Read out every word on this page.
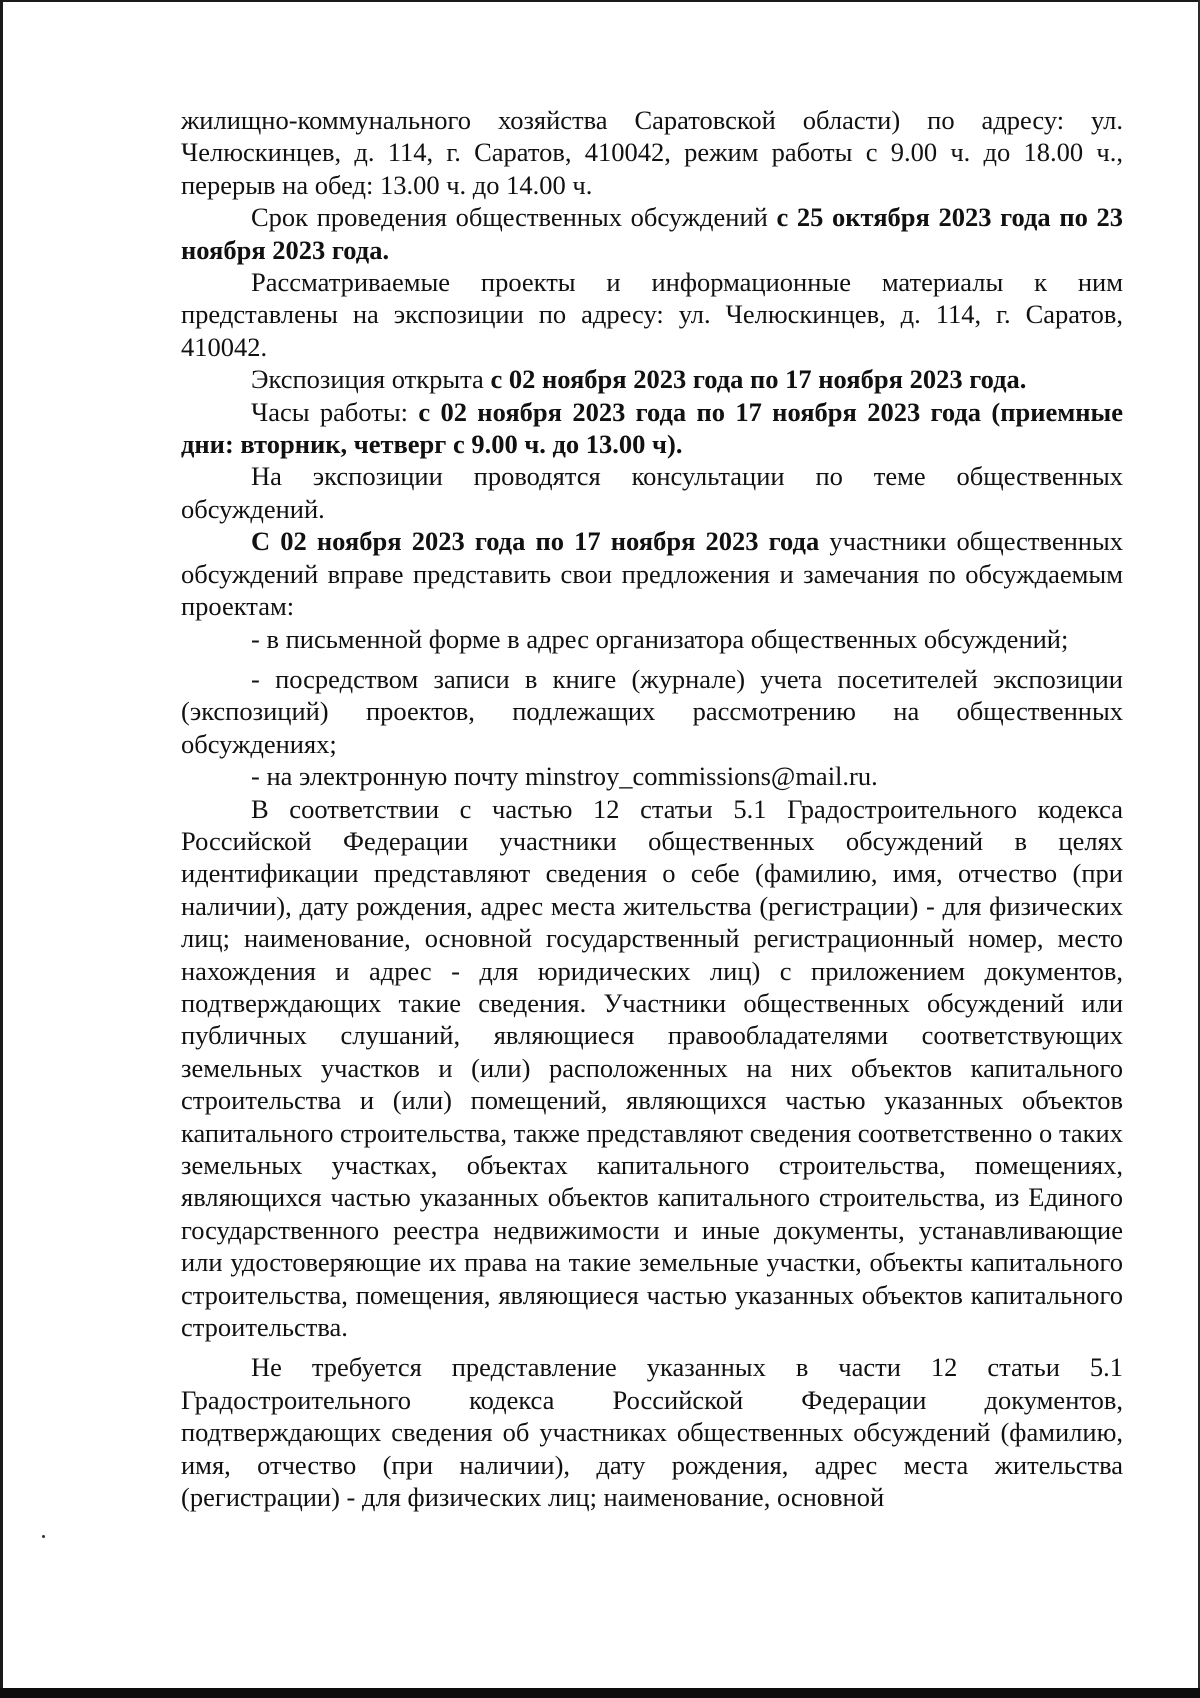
жилищно-коммунального хозяйства Саратовской области) по адресу: ул. Челюскинцев, д. 114, г. Саратов, 410042, режим работы с 9.00 ч. до 18.00 ч., перерыв на обед: 13.00 ч. до 14.00 ч.

Срок проведения общественных обсуждений с 25 октября 2023 года по 23 ноября 2023 года.

Рассматриваемые проекты и информационные материалы к ним представлены на экспозиции по адресу: ул. Челюскинцев, д. 114, г. Саратов, 410042.

Экспозиция открыта с 02 ноября 2023 года по 17 ноября 2023 года.

Часы работы: с 02 ноября 2023 года по 17 ноября 2023 года (приемные дни: вторник, четверг с 9.00 ч. до 13.00 ч).

На экспозиции проводятся консультации по теме общественных обсуждений.

С 02 ноября 2023 года по 17 ноября 2023 года участники общественных обсуждений вправе представить свои предложения и замечания по обсуждаемым проектам:

- в письменной форме в адрес организатора общественных обсуждений;

- посредством записи в книге (журнале) учета посетителей экспозиции (экспозиций) проектов, подлежащих рассмотрению на общественных обсуждениях;

- на электронную почту minstroy_commissions@mail.ru.

В соответствии с частью 12 статьи 5.1 Градостроительного кодекса Российской Федерации участники общественных обсуждений в целях идентификации представляют сведения о себе (фамилию, имя, отчество (при наличии), дату рождения, адрес места жительства (регистрации) - для физических лиц; наименование, основной государственный регистрационный номер, место нахождения и адрес - для юридических лиц) с приложением документов, подтверждающих такие сведения. Участники общественных обсуждений или публичных слушаний, являющиеся правообладателями соответствующих земельных участков и (или) расположенных на них объектов капитального строительства и (или) помещений, являющихся частью указанных объектов капитального строительства, также представляют сведения соответственно о таких земельных участках, объектах капитального строительства, помещениях, являющихся частью указанных объектов капитального строительства, из Единого государственного реестра недвижимости и иные документы, устанавливающие или удостоверяющие их права на такие земельные участки, объекты капитального строительства, помещения, являющиеся частью указанных объектов капитального строительства.

Не требуется представление указанных в части 12 статьи 5.1 Градостроительного кодекса Российской Федерации документов, подтверждающих сведения об участниках общественных обсуждений (фамилию, имя, отчество (при наличии), дату рождения, адрес места жительства (регистрации) - для физических лиц; наименование, основной
